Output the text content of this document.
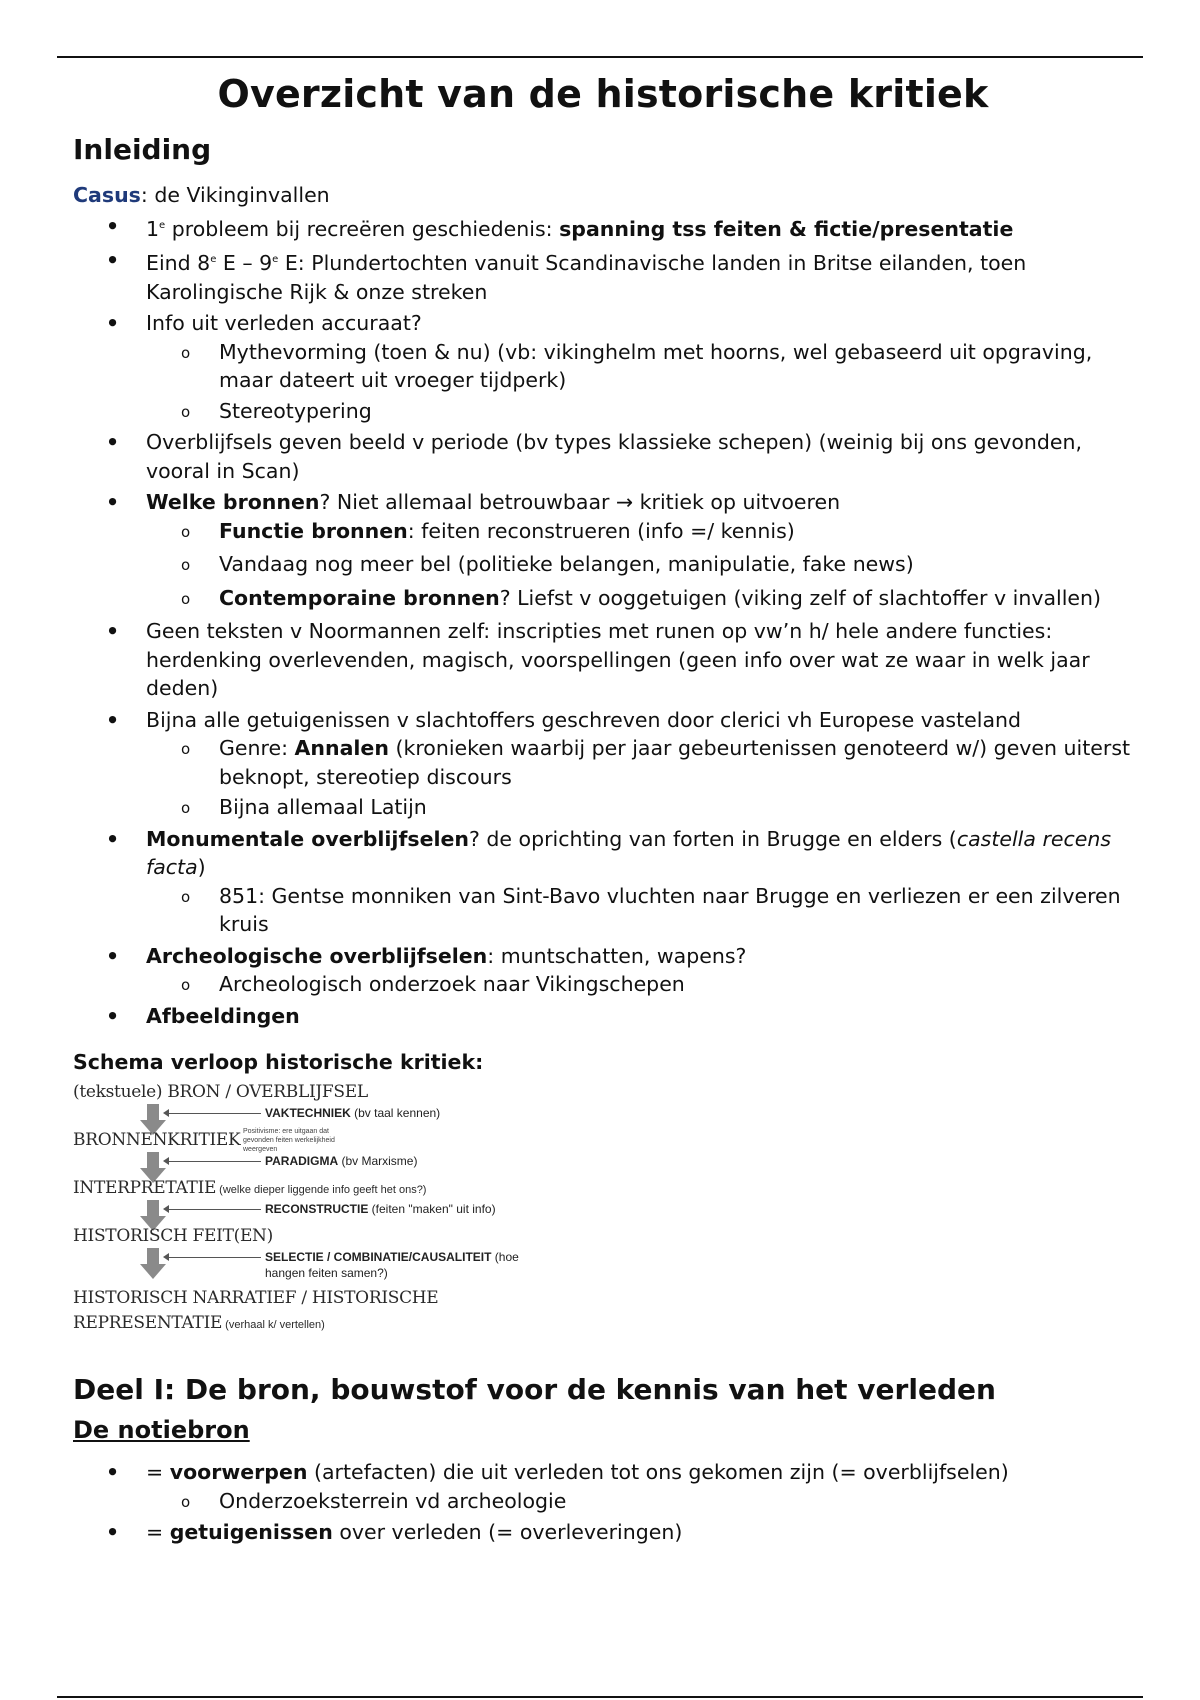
Overzicht van de historische kritiek
Inleiding
Casus: de Vikinginvallen
• 1e probleem bij recreëren geschiedenis: spanning tss feiten & fictie/presentatie
• Eind 8e E – 9e E: Plundertochten vanuit Scandinavische landen in Britse eilanden, toen Karolingische Rijk & onze streken
• Info uit verleden accuraat?
o Mythevorming (toen & nu) (vb: vikinghelm met hoorns, wel gebaseerd uit opgraving, maar dateert uit vroeger tijdperk)
o Stereotypering
• Overblijfsels geven beeld v periode (bv types klassieke schepen) (weinig bij ons gevonden, vooral in Scan)
• Welke bronnen? Niet allemaal betrouwbaar → kritiek op uitvoeren
o Functie bronnen: feiten reconstrueren (info =/ kennis)
o Vandaag nog meer bel (politieke belangen, manipulatie, fake news)
o Contemporaine bronnen? Liefst v ooggetuigen (viking zelf of slachtoffer v invallen)
• Geen teksten v Noormannen zelf: inscripties met runen op vw’n h/ hele andere functies: herdenking overlevenden, magisch, voorspellingen (geen info over wat ze waar in welk jaar deden)
• Bijna alle getuigenissen v slachtoffers geschreven door clerici vh Europese vasteland
o Genre: Annalen (kronieken waarbij per jaar gebeurtenissen genoteerd w/) geven uiterst beknopt, stereotiep discours
o Bijna allemaal Latijn
• Monumentale overblijfselen? de oprichting van forten in Brugge en elders (castella recens facta)
o 851: Gentse monniken van Sint-Bavo vluchten naar Brugge en verliezen er een zilveren kruis
• Archeologische overblijfselen: muntschatten, wapens?
o Archeologisch onderzoek naar Vikingschepen
• Afbeeldingen
Schema verloop historische kritiek:
(tekstuele) BRON / OVERBLIJFSEL
VAKTECHNIEK (bv taal kennen)
BRONNENKRITIEK Positivisme: ere uitgaan dat gevonden feiten werkelijkheid weergeven
PARADIGMA (bv Marxisme)
INTERPRETATIE (welke dieper liggende info geeft het ons?)
RECONSTRUCTIE (feiten "maken" uit info)
HISTORISCH FEIT(EN)
SELECTIE / COMBINATIE/CAUSALITEIT (hoe
hangen feiten samen?)
HISTORISCH NARRATIEF / HISTORISCHE
REPRESENTATIE (verhaal k/ vertellen)
Deel I: De bron, bouwstof voor de kennis van het verleden
De notiebron
• = voorwerpen (artefacten) die uit verleden tot ons gekomen zijn (= overblijfselen)
o Onderzoeksterrein vd archeologie
• = getuigenissen over verleden (= overleveringen)
